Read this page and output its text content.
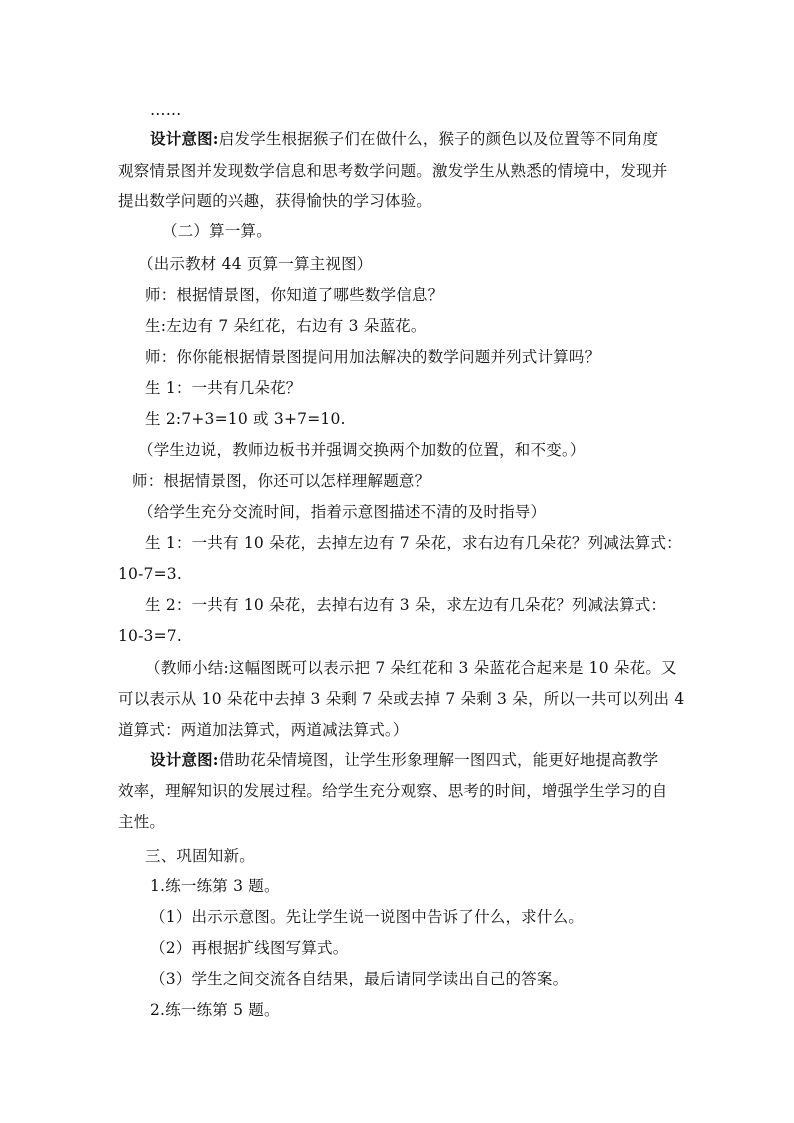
……
设计意图:启发学生根据猴子们在做什么，猴子的颜色以及位置等不同角度
观察情景图并发现数学信息和思考数学问题。激发学生从熟悉的情境中，发现并
提出数学问题的兴趣，获得愉快的学习体验。
（二）算一算。
（出示教材 44 页算一算主视图）
师：根据情景图，你知道了哪些数学信息？
生:左边有 7 朵红花，右边有 3 朵蓝花。
师：你你能根据情景图提问用加法解决的数学问题并列式计算吗？
生 1：一共有几朵花？
生 2:7+3=10 或 3+7=10.
（学生边说，教师边板书并强调交换两个加数的位置，和不变。）
师：根据情景图，你还可以怎样理解题意？
（给学生充分交流时间，指着示意图描述不清的及时指导）
生 1：一共有 10 朵花，去掉左边有 7 朵花，求右边有几朵花？列减法算式：
10-7=3.
生 2：一共有 10 朵花，去掉右边有 3 朵，求左边有几朵花？列减法算式：
10-3=7.
（教师小结:这幅图既可以表示把 7 朵红花和 3 朵蓝花合起来是 10 朵花。又
可以表示从 10 朵花中去掉 3 朵剩 7 朵或去掉 7 朵剩 3 朵，所以一共可以列出 4
道算式：两道加法算式，两道减法算式。）
设计意图:借助花朵情境图，让学生形象理解一图四式，能更好地提高教学
效率，理解知识的发展过程。给学生充分观察、思考的时间，增强学生学习的自
主性。
三、巩固知新。
1.练一练第 3 题。
（1）出示示意图。先让学生说一说图中告诉了什么，求什么。
（2）再根据扩线图写算式。
（3）学生之间交流各自结果，最后请同学读出自己的答案。
2.练一练第 5 题。
